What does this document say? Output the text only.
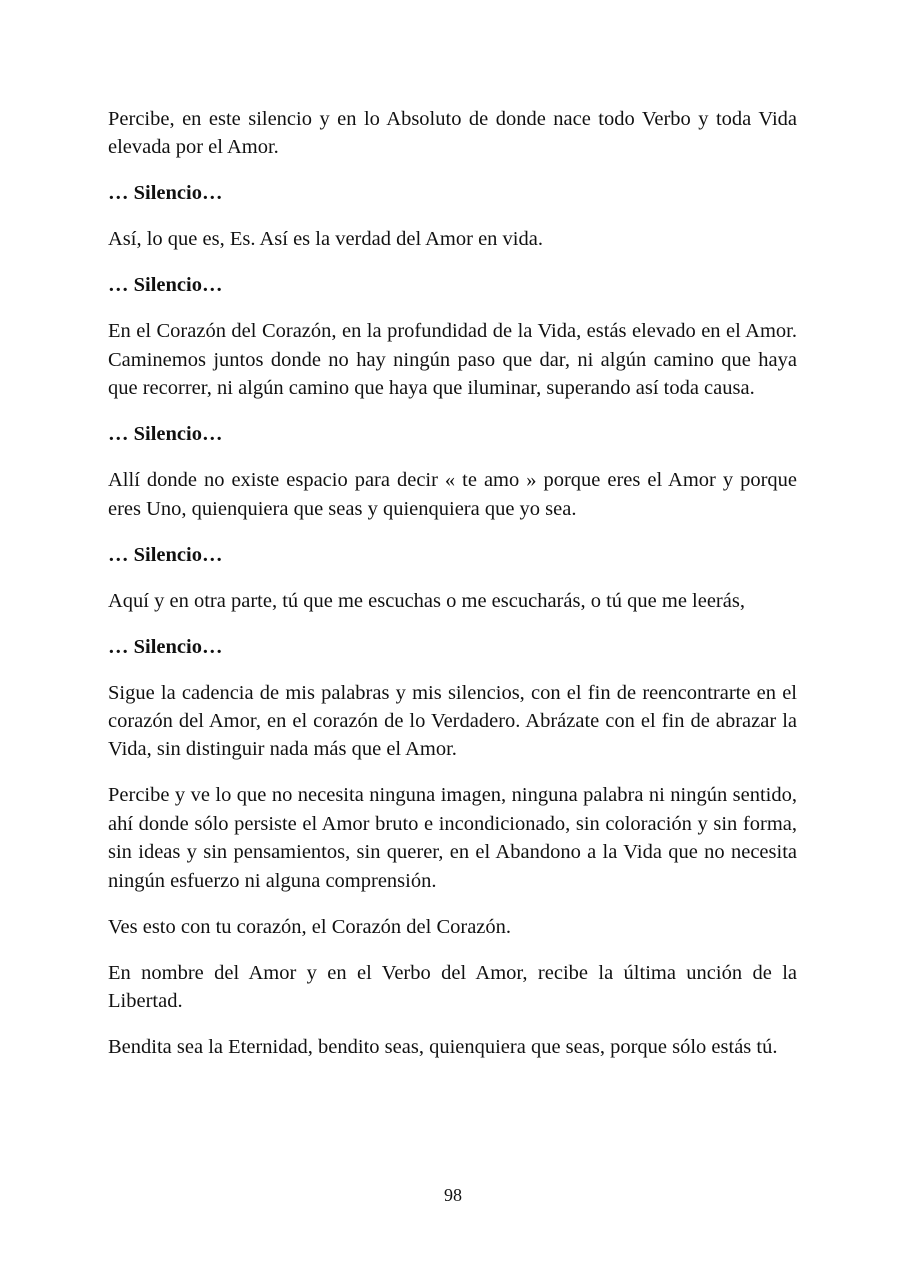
Percibe, en este silencio y en lo Absoluto de donde nace todo Verbo y toda Vida elevada por el Amor.

… Silencio…

Así, lo que es, Es. Así es la verdad del Amor en vida.

… Silencio…

En el Corazón del Corazón, en la profundidad de la Vida, estás elevado en el Amor. Caminemos juntos donde no hay ningún paso que dar, ni algún camino que haya que recorrer, ni algún camino que haya que iluminar, superando así toda causa.

… Silencio…

Allí donde no existe espacio para decir « te amo » porque eres el Amor y porque eres Uno, quienquiera que seas y quienquiera que yo sea.

… Silencio…

Aquí y en otra parte, tú que me escuchas o me escucharás, o tú que me leerás,

… Silencio…

Sigue la cadencia de mis palabras y mis silencios, con el fin de reencontrarte en el corazón del Amor, en el corazón de lo Verdadero. Abrázate con el fin de abrazar la Vida, sin distinguir nada más que el Amor.

Percibe y ve lo que no necesita ninguna imagen, ninguna palabra ni ningún sentido, ahí donde sólo persiste el Amor bruto e incondicionado, sin coloración y sin forma, sin ideas y sin pensamientos, sin querer, en el Abandono a la Vida que no necesita ningún esfuerzo ni alguna comprensión.

Ves esto con tu corazón, el Corazón del Corazón.

En nombre del Amor y en el Verbo del Amor, recibe la última unción de la Libertad.

Bendita sea la Eternidad, bendito seas, quienquiera que seas, porque sólo estás tú.

98
